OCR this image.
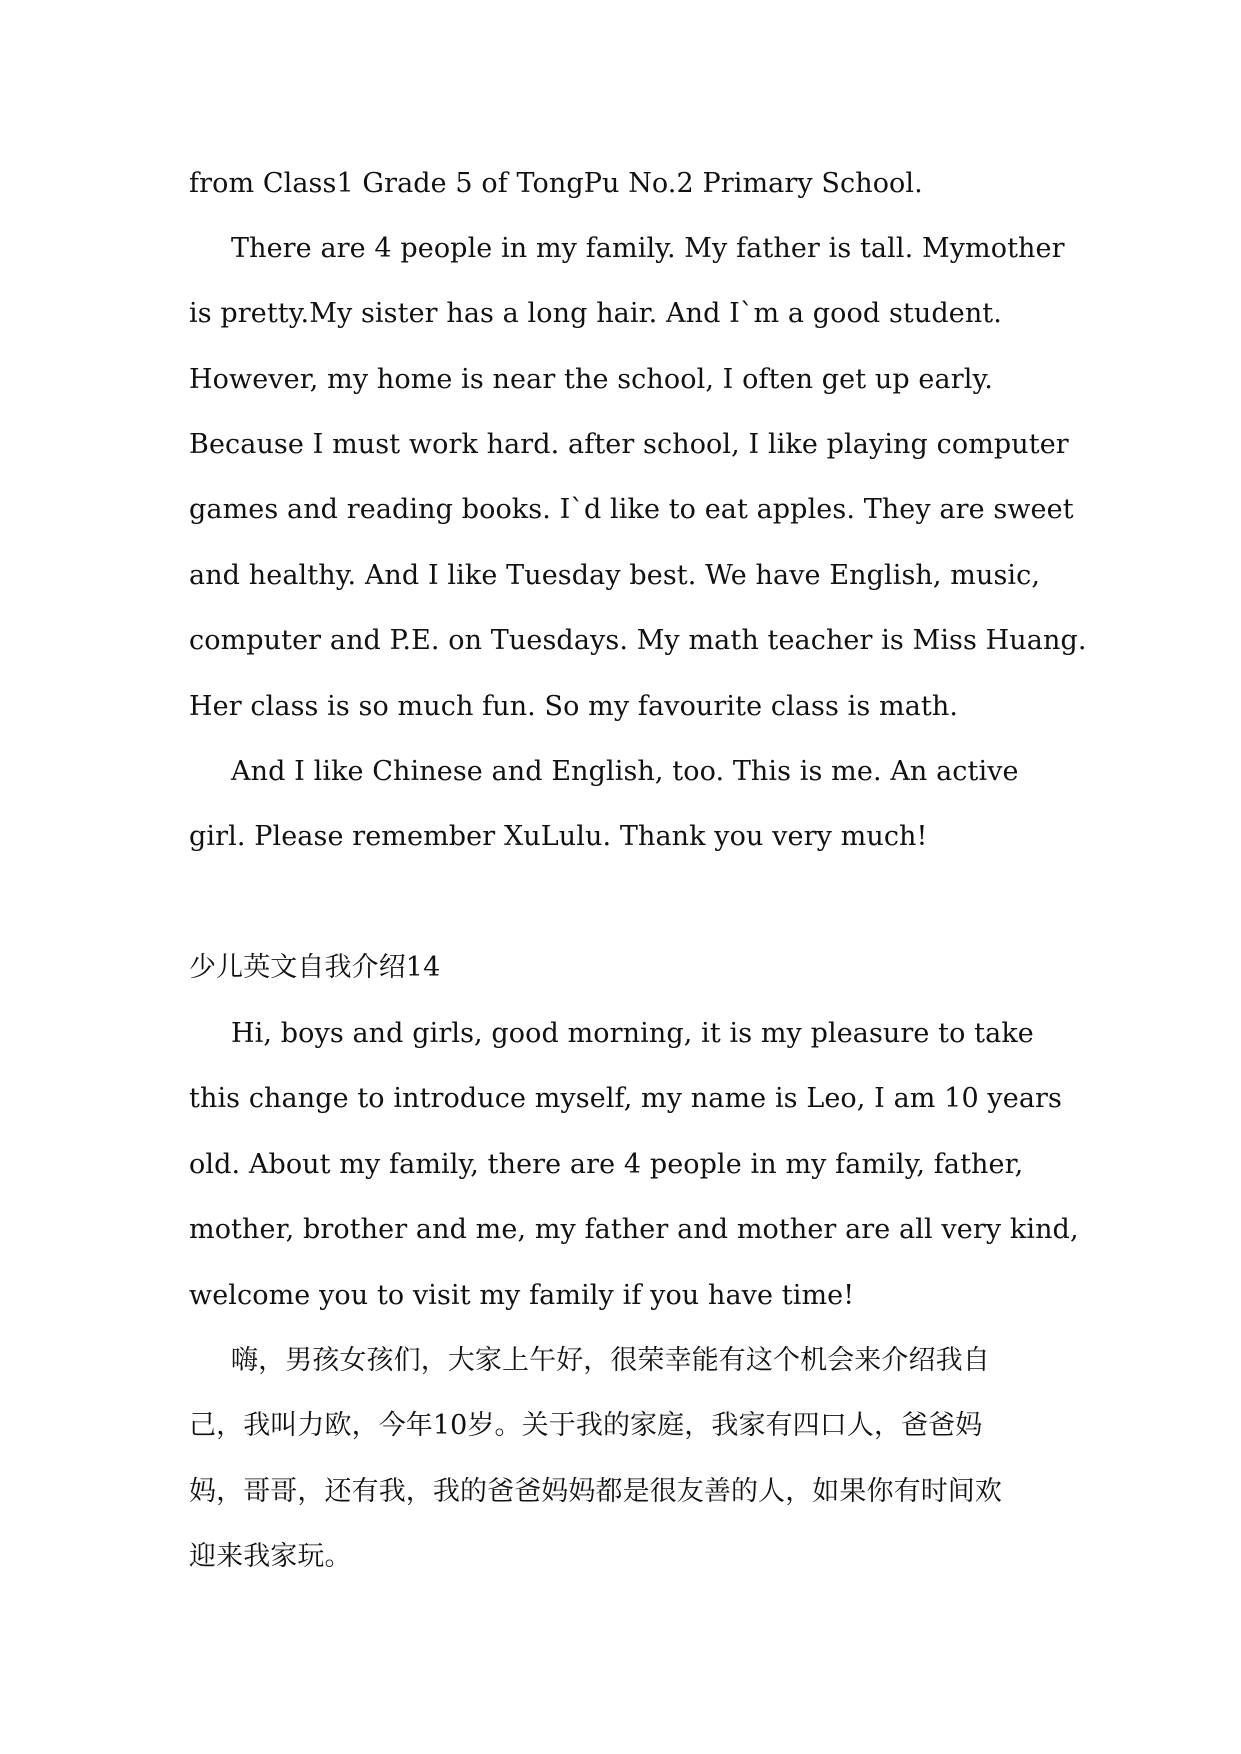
from Class1 Grade 5 of TongPu No.2 Primary School.
There are 4 people in my family. My father is tall. Mymother
is pretty.My sister has a long hair. And I`m a good student.
However, my home is near the school, I often get up early.
Because I must work hard. after school, I like playing computer
games and reading books. I`d like to eat apples. They are sweet
and healthy. And I like Tuesday best. We have English, music,
computer and P.E. on Tuesdays. My math teacher is Miss Huang.
Her class is so much fun. So my favourite class is math.
And I like Chinese and English, too. This is me. An active
girl. Please remember XuLulu. Thank you very much!
少儿英文自我介绍14
Hi, boys and girls, good morning, it is my pleasure to take
this change to introduce myself, my name is Leo, I am 10 years
old. About my family, there are 4 people in my family, father,
mother, brother and me, my father and mother are all very kind,
welcome you to visit my family if you have time!
嗨，男孩女孩们，大家上午好，很荣幸能有这个机会来介绍我自
己，我叫力欧，今年10岁。关于我的家庭，我家有四口人，爸爸妈
妈，哥哥，还有我，我的爸爸妈妈都是很友善的人，如果你有时间欢
迎来我家玩。
